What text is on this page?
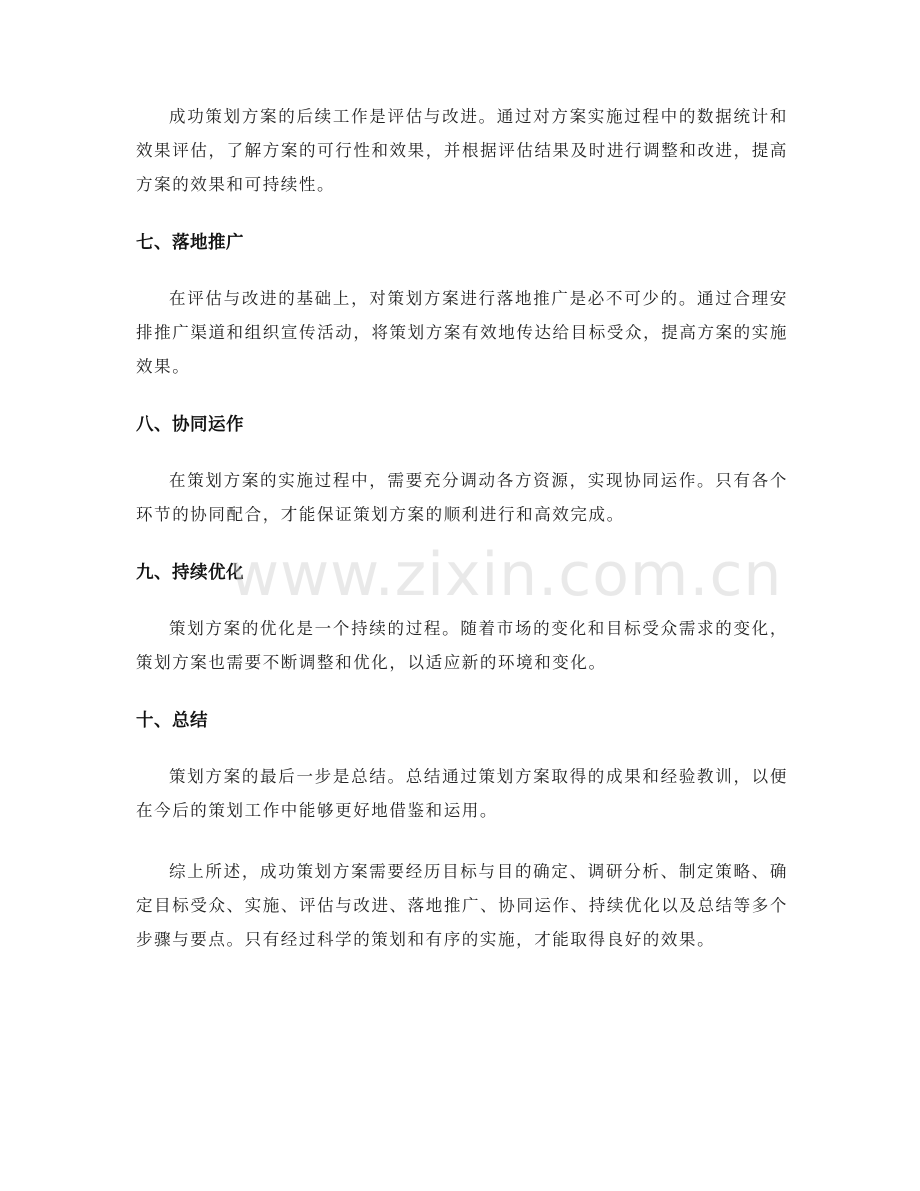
成功策划方案的后续工作是评估与改进。通过对方案实施过程中的数据统计和效果评估，了解方案的可行性和效果，并根据评估结果及时进行调整和改进，提高方案的效果和可持续性。

七、落地推广

在评估与改进的基础上，对策划方案进行落地推广是必不可少的。通过合理安排推广渠道和组织宣传活动，将策划方案有效地传达给目标受众，提高方案的实施效果。

八、协同运作

在策划方案的实施过程中，需要充分调动各方资源，实现协同运作。只有各个环节的协同配合，才能保证策划方案的顺利进行和高效完成。

九、持续优化

策划方案的优化是一个持续的过程。随着市场的变化和目标受众需求的变化，策划方案也需要不断调整和优化，以适应新的环境和变化。

十、总结

策划方案的最后一步是总结。总结通过策划方案取得的成果和经验教训，以便在今后的策划工作中能够更好地借鉴和运用。

综上所述，成功策划方案需要经历目标与目的确定、调研分析、制定策略、确定目标受众、实施、评估与改进、落地推广、协同运作、持续优化以及总结等多个步骤与要点。只有经过科学的策划和有序的实施，才能取得良好的效果。

www.zixin.com.cn
